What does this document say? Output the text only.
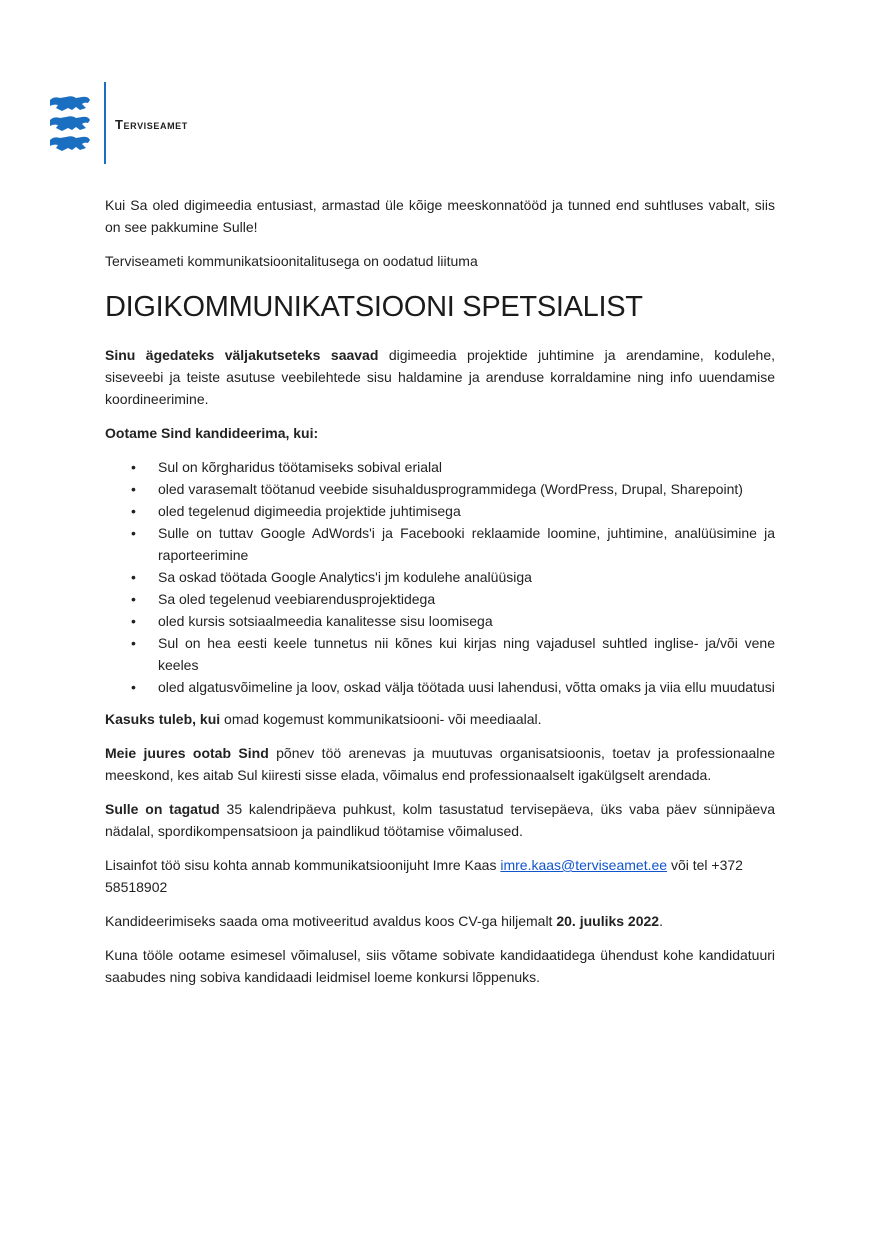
Terviseamet

Kui Sa oled digimeedia entusiast, armastad üle kõige meeskonnatööd ja tunned end suhtluses vabalt, siis on see pakkumine Sulle!

Terviseameti kommunikatsioonitalitusega on oodatud liituma

DIGIKOMMUNIKATSIOONI SPETSIALIST

Sinu ägedateks väljakutseteks saavad digimeedia projektide juhtimine ja arendamine, kodulehe, siseveebi ja teiste asutuse veebilehtede sisu haldamine ja arenduse korraldamine ning info uuendamise koordineerimine.

Ootame Sind kandideerima, kui:

• Sul on kõrgharidus töötamiseks sobival erialal
• oled varasemalt töötanud veebide sisuhaldusprogrammidega (WordPress, Drupal, Sharepoint)
• oled tegelenud digimeedia projektide juhtimisega
• Sulle on tuttav Google AdWords'i ja Facebooki reklaamide loomine, juhtimine, analüüsimine ja raporteerimine
• Sa oskad töötada Google Analytics'i jm kodulehe analüüsiga
• Sa oled tegelenud veebiarendusprojektidega
• oled kursis sotsiaalmeedia kanalitesse sisu loomisega
• Sul on hea eesti keele tunnetus nii kõnes kui kirjas ning vajadusel suhtled inglise- ja/või vene keeles
• oled algatusvõimeline ja loov, oskad välja töötada uusi lahendusi, võtta omaks ja viia ellu muudatusi

Kasuks tuleb, kui omad kogemust kommunikatsiooni- või meediaalal.

Meie juures ootab Sind põnev töö arenevas ja muutuvas organisatsioonis, toetav ja professionaalne meeskond, kes aitab Sul kiiresti sisse elada, võimalus end professionaalselt igakülgselt arendada.

Sulle on tagatud 35 kalendripäeva puhkust, kolm tasustatud tervisepäeva, üks vaba päev sünnipäeva nädalal, spordikompensatsioon ja paindlikud töötamise võimalused.

Lisainfot töö sisu kohta annab kommunikatsioonijuht Imre Kaas imre.kaas@terviseamet.ee või tel +372 58518902

Kandideerimiseks saada oma motiveeritud avaldus koos CV-ga hiljemalt 20. juuliks 2022.

Kuna tööle ootame esimesel võimalusel, siis võtame sobivate kandidaatidega ühendust kohe kandidatuuri saabudes ning sobiva kandidaadi leidmisel loeme konkursi lõppenuks.
